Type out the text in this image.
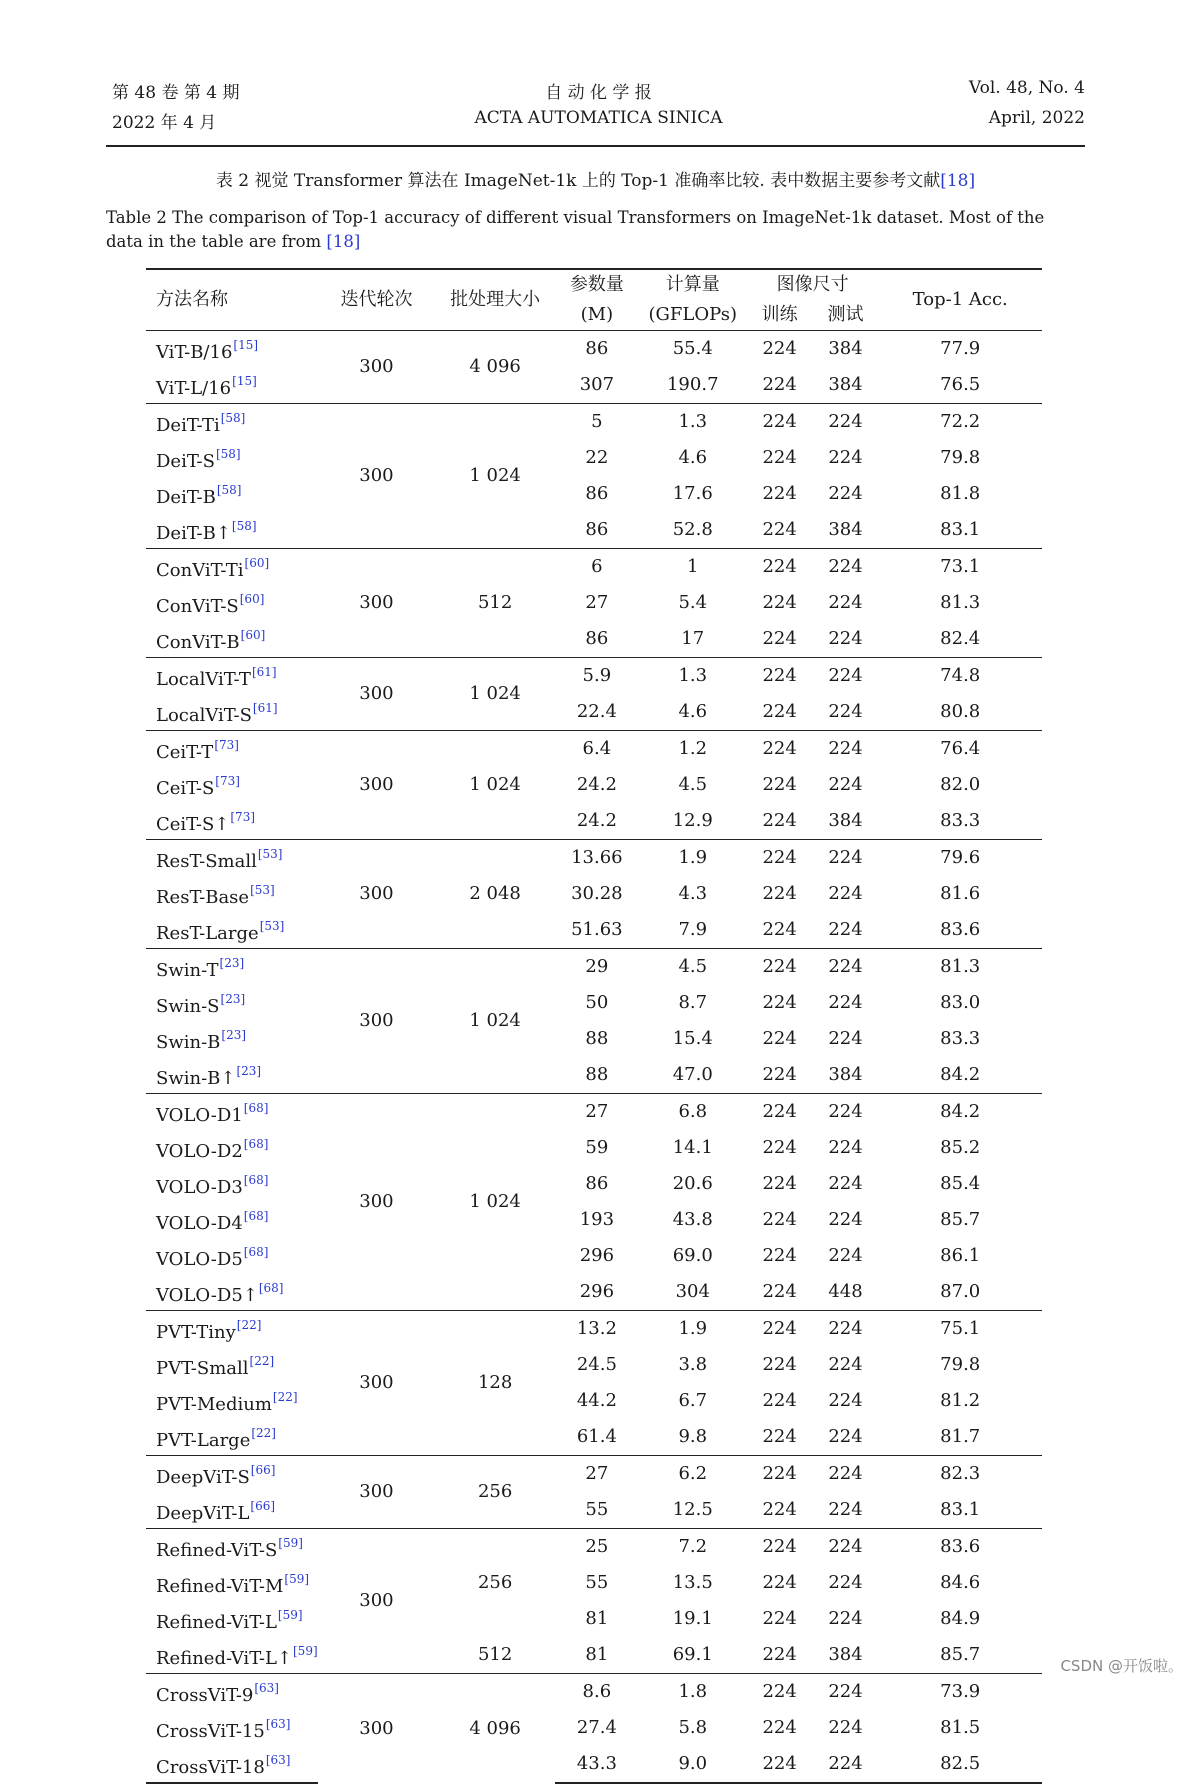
第 48 卷 第 4 期	自 动 化 学 报	Vol. 48, No. 4
2022 年 4 月	ACTA AUTOMATICA SINICA	April, 2022
表 2 视觉 Transformer 算法在 ImageNet-1k 上的 Top-1 准确率比较. 表中数据主要参考文献[18]
Table 2 The comparison of Top-1 accuracy of different visual Transformers on ImageNet-1k dataset. Most of the data in the table are from [18]
方法名称	迭代轮次	批处理大小	参数量	计算量	图像尺寸		Top-1 Acc.
			(M)	(GFLOPs)	训练	测试	
ViT-B/16[15]	300	4 096	86	55.4	224	384	77.9
ViT-L/16[15]			307	190.7	224	384	76.5
DeiT-Ti[58]	300	1 024	5	1.3	224	224	72.2
DeiT-S[58]			22	4.6	224	224	79.8
DeiT-B[58]			86	17.6	224	224	81.8
DeiT-B↑[58]			86	52.8	224	384	83.1
ConViT-Ti[60]	300	512	6	1	224	224	73.1
ConViT-S[60]			27	5.4	224	224	81.3
ConViT-B[60]			86	17	224	224	82.4
LocalViT-T[61]	300	1 024	5.9	1.3	224	224	74.8
LocalViT-S[61]			22.4	4.6	224	224	80.8
CeiT-T[73]	300	1 024	6.4	1.2	224	224	76.4
CeiT-S[73]			24.2	4.5	224	224	82.0
CeiT-S↑[73]			24.2	12.9	224	384	83.3
ResT-Small[53]	300	2 048	13.66	1.9	224	224	79.6
ResT-Base[53]			30.28	4.3	224	224	81.6
ResT-Large[53]			51.63	7.9	224	224	83.6
Swin-T[23]	300	1 024	29	4.5	224	224	81.3
Swin-S[23]			50	8.7	224	224	83.0
Swin-B[23]			88	15.4	224	224	83.3
Swin-B↑[23]			88	47.0	224	384	84.2
VOLO-D1[68]	300	1 024	27	6.8	224	224	84.2
VOLO-D2[68]			59	14.1	224	224	85.2
VOLO-D3[68]			86	20.6	224	224	85.4
VOLO-D4[68]			193	43.8	224	224	85.7
VOLO-D5[68]			296	69.0	224	224	86.1
VOLO-D5↑[68]			296	304	224	448	87.0
PVT-Tiny[22]	300	128	13.2	1.9	224	224	75.1
PVT-Small[22]			24.5	3.8	224	224	79.8
PVT-Medium[22]			44.2	6.7	224	224	81.2
PVT-Large[22]			61.4	9.8	224	224	81.7
DeepViT-S[66]	300	256	27	6.2	224	224	82.3
DeepViT-L[66]			55	12.5	224	224	83.1
Refined-ViT-S[59]	300	256	25	7.2	224	224	83.6
Refined-ViT-M[59]			55	13.5	224	224	84.6
Refined-ViT-L[59]			81	19.1	224	224	84.9
Refined-ViT-L↑[59]		512	81	69.1	224	384	85.7
CrossViT-9[63]	300	4 096	8.6	1.8	224	224	73.9
CrossViT-15[63]			27.4	5.8	224	224	81.5
CrossViT-18[63]			43.3	9.0	224	224	82.5
CSDN @开饭啦。
